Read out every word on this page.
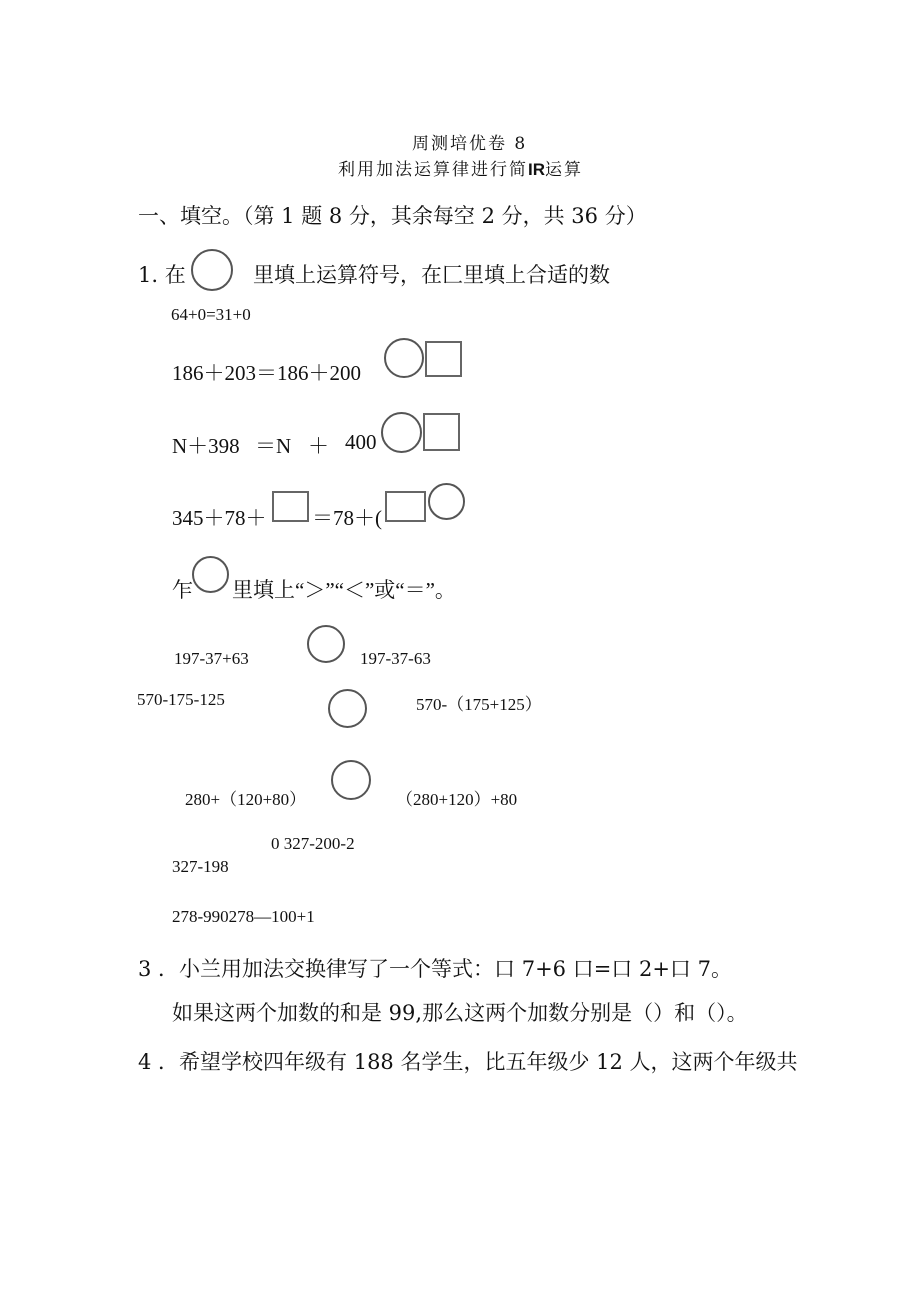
周测培优卷 8
利用加法运算律进行简IR运算
一、填空。（第 1 题 8 分，其余每空 2 分，共 36 分）
1. 在	里填上运算符号，在匚里填上合适的数
64+0=31+0
186＋203＝186＋200
N＋398 ＝N ＋ 400
345＋78＋ ＝78＋(
乍 里填上“＞”“＜”或“＝”。
197-37+63	197-37-63
570-175-125	570-（175+125）
280+（120+80）	（280+120）+80
0 327-200-2
327-198
278-990278—100+1
3 ．小兰用加法交换律写了一个等式：口 7+6 口=口 2+口 7。
如果这两个加数的和是 99,那么这两个加数分别是（）和（）。
4 ．希望学校四年级有 188 名学生，比五年级少 12 人，这两个年级共
